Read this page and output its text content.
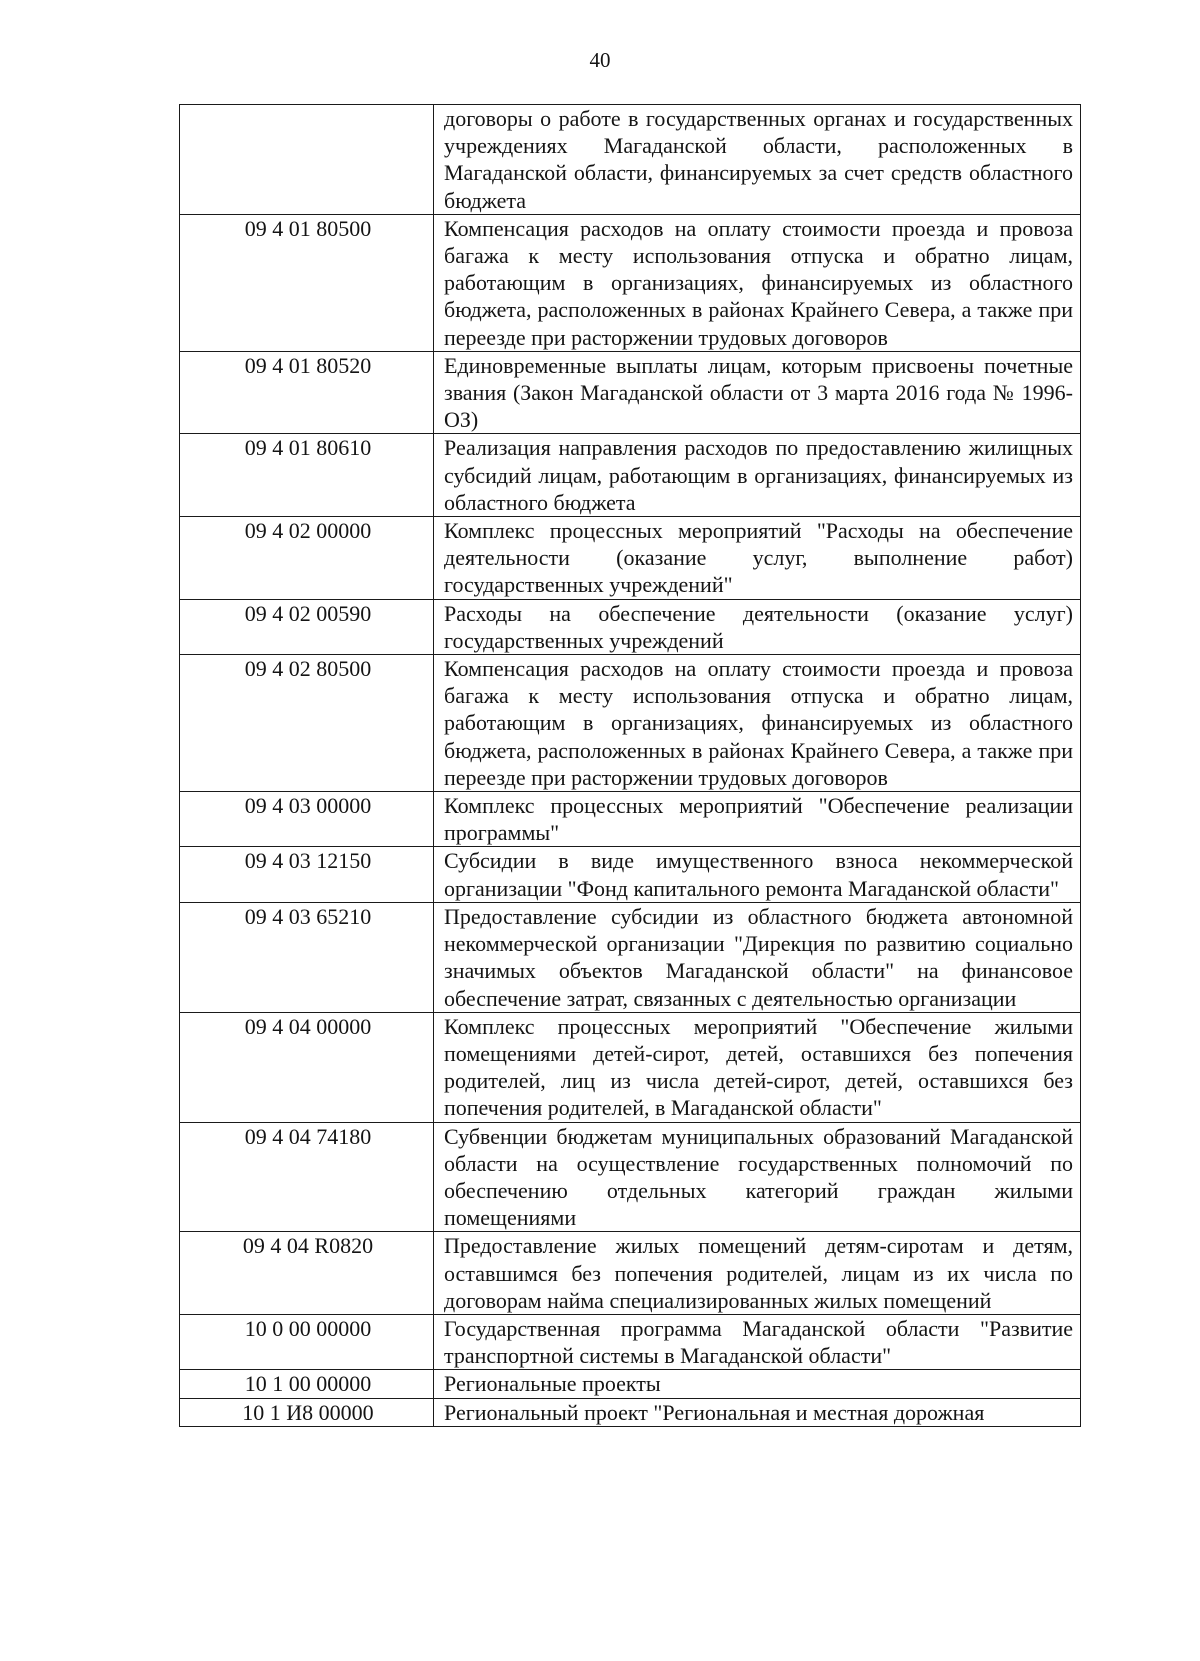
40
	договоры о работе в государственных органах и государственных учреждениях Магаданской области, расположенных в Магаданской области, финансируемых за счет средств областного бюджета
09 4 01 80500	Компенсация расходов на оплату стоимости проезда и провоза багажа к месту использования отпуска и обратно лицам, работающим в организациях, финансируемых из областного бюджета, расположенных в районах Крайнего Севера, а также при переезде при расторжении трудовых договоров
09 4 01 80520	Единовременные выплаты лицам, которым присвоены почетные звания (Закон Магаданской области от 3 марта 2016 года № 1996-ОЗ)
09 4 01 80610	Реализация направления расходов по предоставлению жилищных субсидий лицам, работающим в организациях, финансируемых из областного бюджета
09 4 02 00000	Комплекс процессных мероприятий "Расходы на обеспечение деятельности (оказание услуг, выполнение работ) государственных учреждений"
09 4 02 00590	Расходы на обеспечение деятельности (оказание услуг) государственных учреждений
09 4 02 80500	Компенсация расходов на оплату стоимости проезда и провоза багажа к месту использования отпуска и обратно лицам, работающим в организациях, финансируемых из областного бюджета, расположенных в районах Крайнего Севера, а также при переезде при расторжении трудовых договоров
09 4 03 00000	Комплекс процессных мероприятий "Обеспечение реализации программы"
09 4 03 12150	Субсидии в виде имущественного взноса некоммерческой организации "Фонд капитального ремонта Магаданской области"
09 4 03 65210	Предоставление субсидии из областного бюджета автономной некоммерческой организации "Дирекция по развитию социально значимых объектов Магаданской области" на финансовое обеспечение затрат, связанных с деятельностью организации
09 4 04 00000	Комплекс процессных мероприятий "Обеспечение жилыми помещениями детей-сирот, детей, оставшихся без попечения родителей, лиц из числа детей-сирот, детей, оставшихся без попечения родителей, в Магаданской области"
09 4 04 74180	Субвенции бюджетам муниципальных образований Магаданской области на осуществление государственных полномочий по обеспечению отдельных категорий граждан жилыми помещениями
09 4 04 R0820	Предоставление жилых помещений детям-сиротам и детям, оставшимся без попечения родителей, лицам из их числа по договорам найма специализированных жилых помещений
10 0 00 00000	Государственная программа Магаданской области "Развитие транспортной системы в Магаданской области"
10 1 00 00000	Региональные проекты
10 1 И8 00000	Региональный проект "Региональная и местная дорожная
